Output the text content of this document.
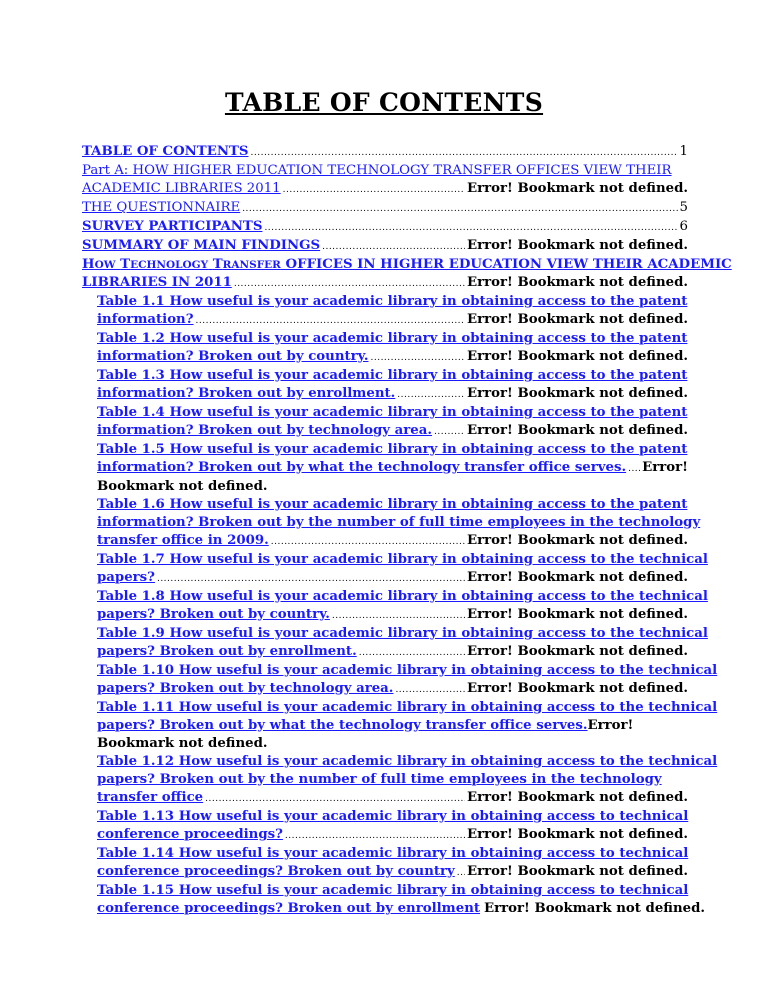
TABLE OF CONTENTS
TABLE OF CONTENTS .....	1
Part A: HOW HIGHER EDUCATION TECHNOLOGY TRANSFER OFFICES VIEW THEIR
ACADEMIC LIBRARIES 2011 .....	Error! Bookmark not defined.
THE QUESTIONNAIRE .....	5
SURVEY PARTICIPANTS .....	6
SUMMARY OF MAIN FINDINGS .....	Error! Bookmark not defined.
HOW TECHNOLOGY TRANSFER OFFICES IN HIGHER EDUCATION VIEW THEIR ACADEMIC
LIBRARIES IN 2011 .....	Error! Bookmark not defined.
Table 1.1 How useful is your academic library in obtaining access to the patent
information? .....	Error! Bookmark not defined.
Table 1.2 How useful is your academic library in obtaining access to the patent
information? Broken out by country. .....	Error! Bookmark not defined.
Table 1.3 How useful is your academic library in obtaining access to the patent
information? Broken out by enrollment. .....	Error! Bookmark not defined.
Table 1.4 How useful is your academic library in obtaining access to the patent
information? Broken out by technology area. .....	Error! Bookmark not defined.
Table 1.5 How useful is your academic library in obtaining access to the patent
information? Broken out by what the technology transfer office serves. ..... Error!
Bookmark not defined.
Table 1.6 How useful is your academic library in obtaining access to the patent
information? Broken out by the number of full time employees in the technology
transfer office in 2009. .....	Error! Bookmark not defined.
Table 1.7 How useful is your academic library in obtaining access to the technical
papers? .....	Error! Bookmark not defined.
Table 1.8 How useful is your academic library in obtaining access to the technical
papers? Broken out by country. .....	Error! Bookmark not defined.
Table 1.9 How useful is your academic library in obtaining access to the technical
papers? Broken out by enrollment. .....	Error! Bookmark not defined.
Table 1.10 How useful is your academic library in obtaining access to the technical
papers? Broken out by technology area. .....	Error! Bookmark not defined.
Table 1.11 How useful is your academic library in obtaining access to the technical
papers? Broken out by what the technology transfer office serves.Error! Bookmark not defined.
Table 1.12 How useful is your academic library in obtaining access to the technical
papers? Broken out by the number of full time employees in the technology
transfer office .....	Error! Bookmark not defined.
Table 1.13 How useful is your academic library in obtaining access to technical
conference proceedings? .....	Error! Bookmark not defined.
Table 1.14 How useful is your academic library in obtaining access to technical
conference proceedings? Broken out by country ..... Error! Bookmark not defined.
Table 1.15 How useful is your academic library in obtaining access to technical
conference proceedings? Broken out by enrollment Error! Bookmark not defined.
